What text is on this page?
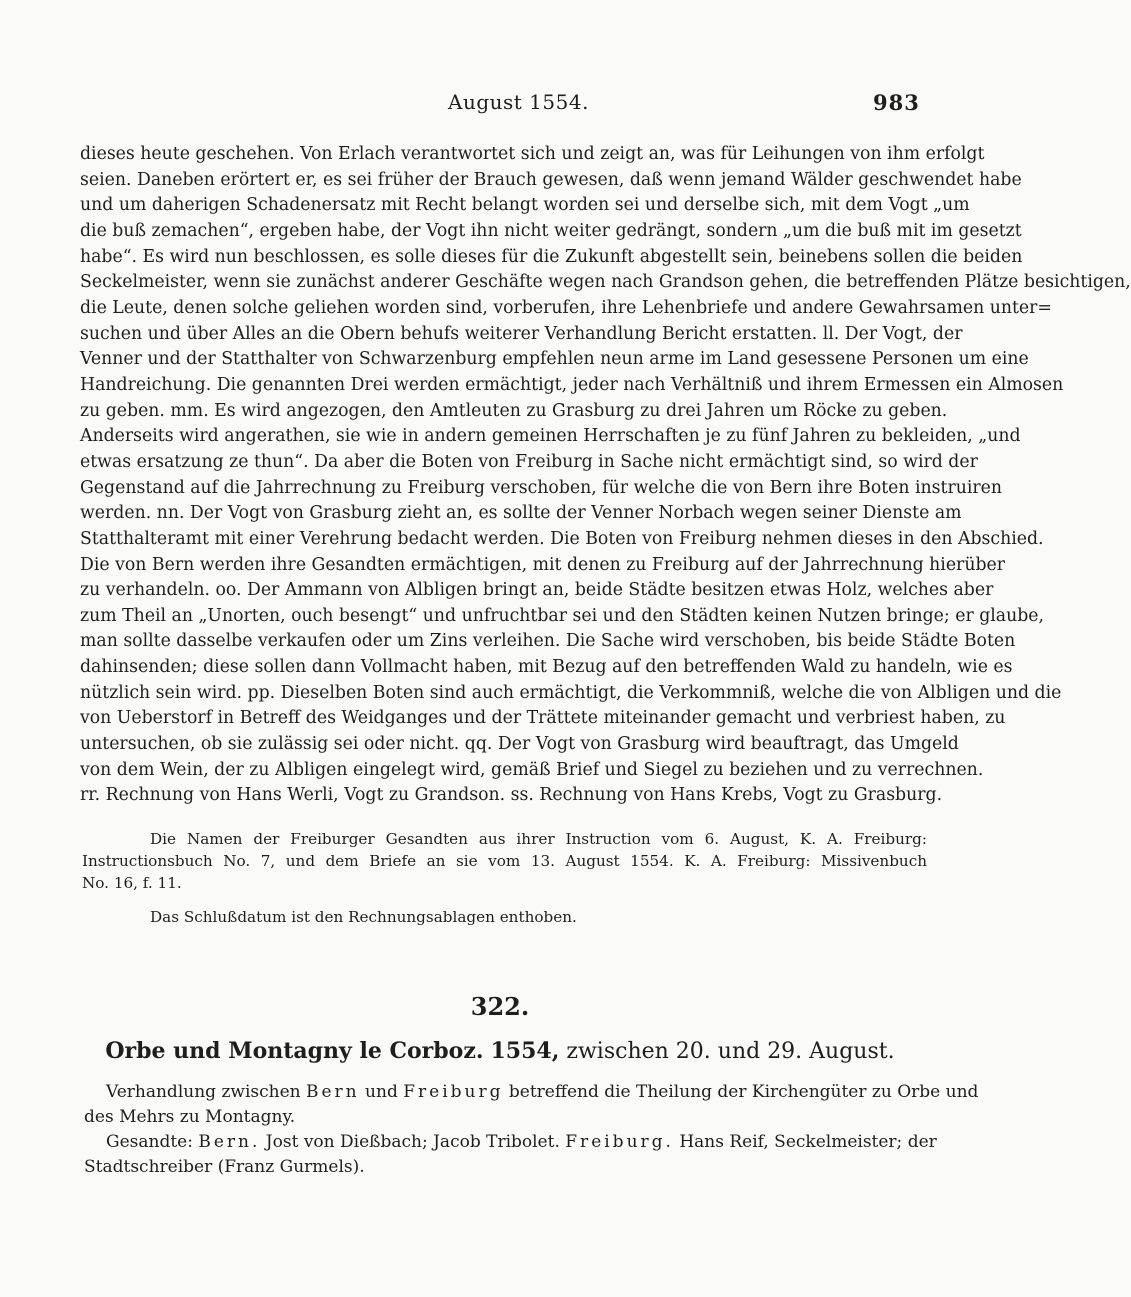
August 1554.	983
dieses heute geschehen. Von Erlach verantwortet sich und zeigt an, was für Leihungen von ihm erfolgt
seien. Daneben erörtert er, es sei früher der Brauch gewesen, daß wenn jemand Wälder geschwendet habe
und um daherigen Schadenersatz mit Recht belangt worden sei und derselbe sich, mit dem Vogt „um
die buß zemachen“, ergeben habe, der Vogt ihn nicht weiter gedrängt, sondern „um die buß mit im gesetzt
habe“. Es wird nun beschlossen, es solle dieses für die Zukunft abgestellt sein, beinebens sollen die beiden
Seckelmeister, wenn sie zunächst anderer Geschäfte wegen nach Grandson gehen, die betreffenden Plätze besichtigen,
die Leute, denen solche geliehen worden sind, vorberufen, ihre Lehenbriefe und andere Gewahrsamen unter=
suchen und über Alles an die Obern behufs weiterer Verhandlung Bericht erstatten. ll. Der Vogt, der
Venner und der Statthalter von Schwarzenburg empfehlen neun arme im Land gesessene Personen um eine
Handreichung. Die genannten Drei werden ermächtigt, jeder nach Verhältniß und ihrem Ermessen ein Almosen
zu geben. mm. Es wird angezogen, den Amtleuten zu Grasburg zu drei Jahren um Röcke zu geben.
Anderseits wird angerathen, sie wie in andern gemeinen Herrschaften je zu fünf Jahren zu bekleiden, „und
etwas ersatzung ze thun“. Da aber die Boten von Freiburg in Sache nicht ermächtigt sind, so wird der
Gegenstand auf die Jahrrechnung zu Freiburg verschoben, für welche die von Bern ihre Boten instruiren
werden. nn. Der Vogt von Grasburg zieht an, es sollte der Venner Norbach wegen seiner Dienste am
Statthalteramt mit einer Verehrung bedacht werden. Die Boten von Freiburg nehmen dieses in den Abschied.
Die von Bern werden ihre Gesandten ermächtigen, mit denen zu Freiburg auf der Jahrrechnung hierüber
zu verhandeln. oo. Der Ammann von Albligen bringt an, beide Städte besitzen etwas Holz, welches aber
zum Theil an „Unorten, ouch besengt“ und unfruchtbar sei und den Städten keinen Nutzen bringe; er glaube,
man sollte dasselbe verkaufen oder um Zins verleihen. Die Sache wird verschoben, bis beide Städte Boten
dahinsenden; diese sollen dann Vollmacht haben, mit Bezug auf den betreffenden Wald zu handeln, wie es
nützlich sein wird. pp. Dieselben Boten sind auch ermächtigt, die Verkommniß, welche die von Albligen und die
von Ueberstorf in Betreff des Weidganges und der Trättete miteinander gemacht und verbriest haben, zu
untersuchen, ob sie zulässig sei oder nicht. qq. Der Vogt von Grasburg wird beauftragt, das Umgeld
von dem Wein, der zu Albligen eingelegt wird, gemäß Brief und Siegel zu beziehen und zu verrechnen.
rr. Rechnung von Hans Werli, Vogt zu Grandson. ss. Rechnung von Hans Krebs, Vogt zu Grasburg.
Die Namen der Freiburger Gesandten aus ihrer Instruction vom 6. August, K. A. Freiburg:
Instructionsbuch No. 7, und dem Briefe an sie vom 13. August 1554. K. A. Freiburg: Missivenbuch
No. 16, f. 11.
Das Schlußdatum ist den Rechnungsablagen enthoben.
322.
Orbe und Montagny le Corboz. 1554, zwischen 20. und 29. August.
Verhandlung zwischen Bern und Freiburg betreffend die Theilung der Kirchengüter zu Orbe und
des Mehrs zu Montagny.
Gesandte: Bern. Jost von Dießbach; Jacob Tribolet. Freiburg. Hans Reif, Seckelmeister; der
Stadtschreiber (Franz Gurmels).
